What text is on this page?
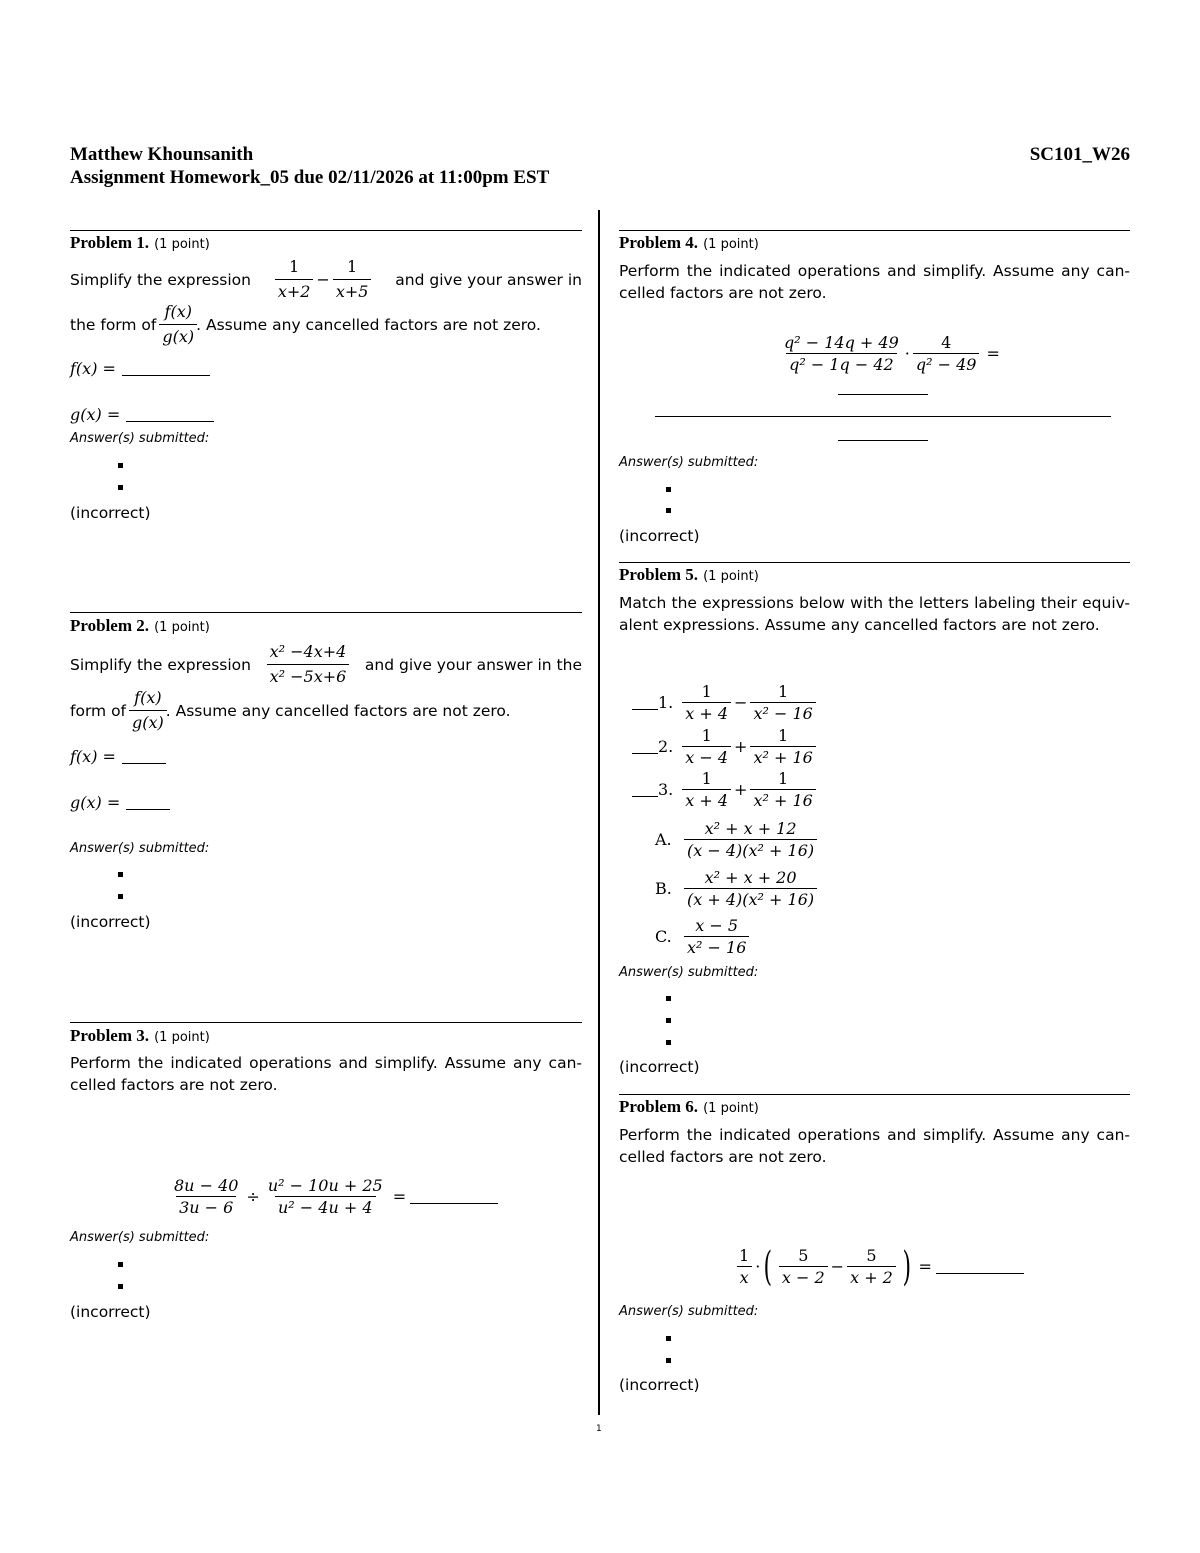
Matthew Khounsanith	SC101_W26
Assignment Homework_05 due 02/11/2026 at 11:00pm EST
Problem 1. (1 point)
Simplify the expression $\frac{1}{x+2} - \frac{1}{x+5}$ and give your answer in
the form of $\frac{f(x)}{g(x)}$ . Assume any cancelled factors are not zero.
f(x) =
g(x) =
Answer(s) submitted:
(incorrect)
Problem 2. (1 point)
Simplify the expression $\frac{\text{x² −4x+4}}{\text{x² −5x+6}}$ and give your answer in the
form of $\frac{f(x)}{g(x)}$ . Assume any cancelled factors are not zero.
f(x) =
g(x) =
Answer(s) submitted:
(incorrect)
Problem 3. (1 point)
Perform the indicated operations and simplify. Assume any can-
celled factors are not zero.
$\frac{8u - 40}{3u - 6} \div \frac{\text{u² − 10u + 25}}{\text{u² − 4u + 4}}$ =
Answer(s) submitted:
(incorrect)
Problem 4. (1 point)
Perform the indicated operations and simplify. Assume any can-
celled factors are not zero.
$\frac{\text{q² − 14q + 49}}{\text{q² − 1q − 42}} \cdot \frac{4}{\text{q² − 49}}$ =
Answer(s) submitted:
(incorrect)
Problem 5. (1 point)
Match the expressions below with the letters labeling their equiv-
alent expressions. Assume any cancelled factors are not zero.
1. $\frac{1}{x + 4} - \frac{1}{\text{x² − 16}}$
2. $\frac{1}{x - 4} + \frac{1}{\text{x² + 16}}$
3. $\frac{1}{x + 4} + \frac{1}{\text{x² + 16}}$
A. $\frac{\text{x² + x + 12}}{\text{(x − 4)(x² + 16)}}$
B. $\frac{\text{x² + x + 20}}{\text{(x + 4)(x² + 16)}}$
C. $\frac{x - 5}{\text{x² − 16}}$
Answer(s) submitted:
(incorrect)
Problem 6. (1 point)
Perform the indicated operations and simplify. Assume any can-
celled factors are not zero.
$\frac{1}{x}$ · ( $\frac{5}{x - 2} - \frac{5}{x + 2}$ ) =
Answer(s) submitted:
(incorrect)
1
